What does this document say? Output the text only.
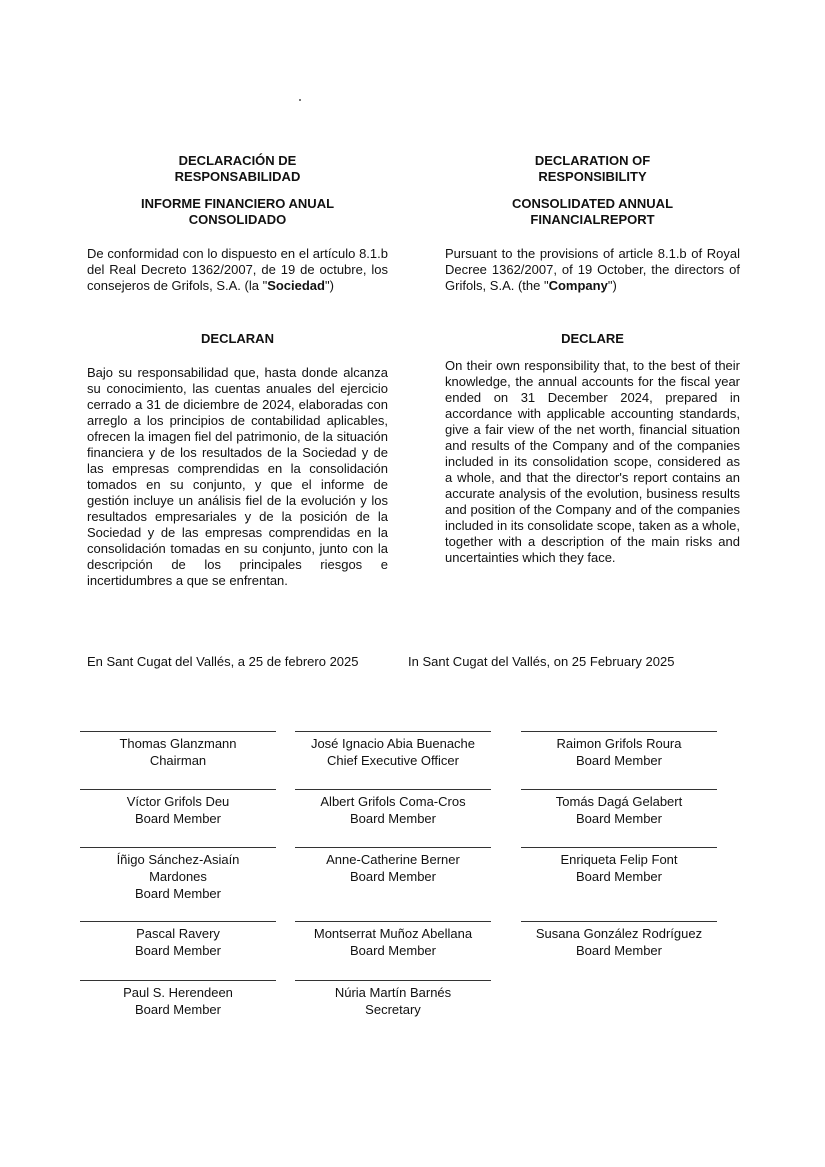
DECLARACIÓN DE
RESPONSABILIDAD
INFORME FINANCIERO ANUAL
CONSOLIDADO
De conformidad con lo dispuesto en el artículo 8.1.b del Real Decreto 1362/2007, de 19 de octubre, los consejeros de Grifols, S.A. (la "Sociedad")
DECLARAN
Bajo su responsabilidad que, hasta donde alcanza su conocimiento, las cuentas anuales del ejercicio cerrado a 31 de diciembre de 2024, elaboradas con arreglo a los principios de contabilidad aplicables, ofrecen la imagen fiel del patrimonio, de la situación financiera y de los resultados de la Sociedad y de las empresas comprendidas en la consolidación tomados en su conjunto, y que el informe de gestión incluye un análisis fiel de la evolución y los resultados empresariales y de la posición de la Sociedad y de las empresas comprendidas en la consolidación tomadas en su conjunto, junto con la descripción de los principales riesgos e incertidumbres a que se enfrentan.
DECLARATION OF
RESPONSIBILITY
CONSOLIDATED ANNUAL
FINANCIALREPORT
Pursuant to the provisions of article 8.1.b of Royal Decree 1362/2007, of 19 October, the directors of Grifols, S.A. (the "Company")
DECLARE
On their own responsibility that, to the best of their knowledge, the annual accounts for the fiscal year ended on 31 December 2024, prepared in accordance with applicable accounting standards, give a fair view of the net worth, financial situation and results of the Company and of the companies included in its consolidation scope, considered as a whole, and that the director's report contains an accurate analysis of the evolution, business results and position of the Company and of the companies included in its consolidate scope, taken as a whole, together with a description of the main risks and uncertainties which they face.
En Sant Cugat del Vallés, a 25 de febrero 2025	In Sant Cugat del Vallés, on 25 February 2025
Thomas Glanzmann
Chairman
José Ignacio Abia Buenache
Chief Executive Officer
Raimon Grifols Roura
Board Member
Víctor Grifols Deu
Board Member
Albert Grifols Coma-Cros
Board Member
Tomás Dagá Gelabert
Board Member
Íñigo Sánchez-Asiaín
Mardones
Board Member
Anne-Catherine Berner
Board Member
Enriqueta Felip Font
Board Member
Pascal Ravery
Board Member
Montserrat Muñoz Abellana
Board Member
Susana González Rodríguez
Board Member
Paul S. Herendeen
Board Member
Núria Martín Barnés
Secretary
